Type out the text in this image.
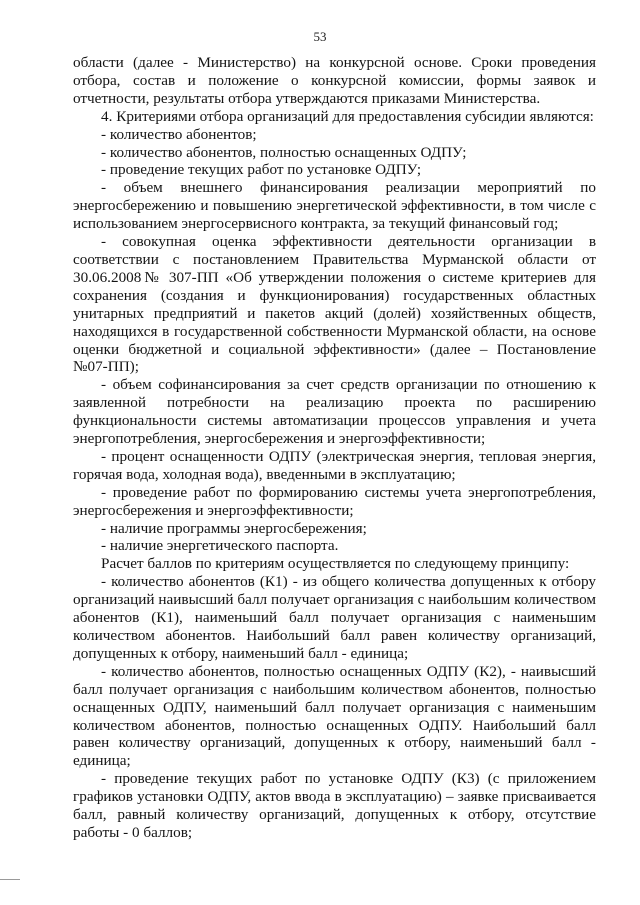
53

области (далее - Министерство) на конкурсной основе. Сроки проведения отбора, состав и положение о конкурсной комиссии, формы заявок и отчетности, результаты отбора утверждаются приказами Министерства.

4. Критериями отбора организаций для предоставления субсидии являются:

- количество абонентов;

- количество абонентов, полностью оснащенных ОДПУ;

- проведение текущих работ по установке ОДПУ;

- объем внешнего финансирования реализации мероприятий по энергосбережению и повышению энергетической эффективности, в том числе с использованием энергосервисного контракта, за текущий финансовый год;

- совокупная оценка эффективности деятельности организации в соответствии с постановлением Правительства Мурманской области от 30.06.2008№ 307-ПП «Об утверждении положения о системе критериев для сохранения (создания и функционирования) государственных областных унитарных предприятий и пакетов акций (долей) хозяйственных обществ, находящихся в государственной собственности Мурманской области, на основе оценки бюджетной и социальной эффективности» (далее – Постановление №07-ПП);

- объем софинансирования за счет средств организации по отношению к заявленной потребности на реализацию проекта по расширению функциональности системы автоматизации процессов управления и учета энергопотребления, энергосбережения и энергоэффективности;

- процент оснащенности ОДПУ (электрическая энергия, тепловая энергия, горячая вода, холодная вода), введенными в эксплуатацию;

- проведение работ по формированию системы учета энергопотребления, энергосбережения и энергоэффективности;

- наличие программы энергосбережения;

- наличие энергетического паспорта.

Расчет баллов по критериям осуществляется по следующему принципу:

- количество абонентов (К1) - из общего количества допущенных к отбору организаций наивысший балл получает организация с наибольшим количеством абонентов (К1), наименьший балл получает организация с наименьшим количеством абонентов. Наибольший балл равен количеству организаций, допущенных к отбору, наименьший балл - единица;

- количество абонентов, полностью оснащенных ОДПУ (К2), - наивысший балл получает организация с наибольшим количеством абонентов, полностью оснащенных ОДПУ, наименьший балл получает организация с наименьшим количеством абонентов, полностью оснащенных ОДПУ. Наибольший балл равен количеству организаций, допущенных к отбору, наименьший балл - единица;

- проведение текущих работ по установке ОДПУ (К3) (с приложением графиков установки ОДПУ, актов ввода в эксплуатацию) – заявке присваивается балл, равный количеству организаций, допущенных к отбору, отсутствие работы - 0 баллов;
